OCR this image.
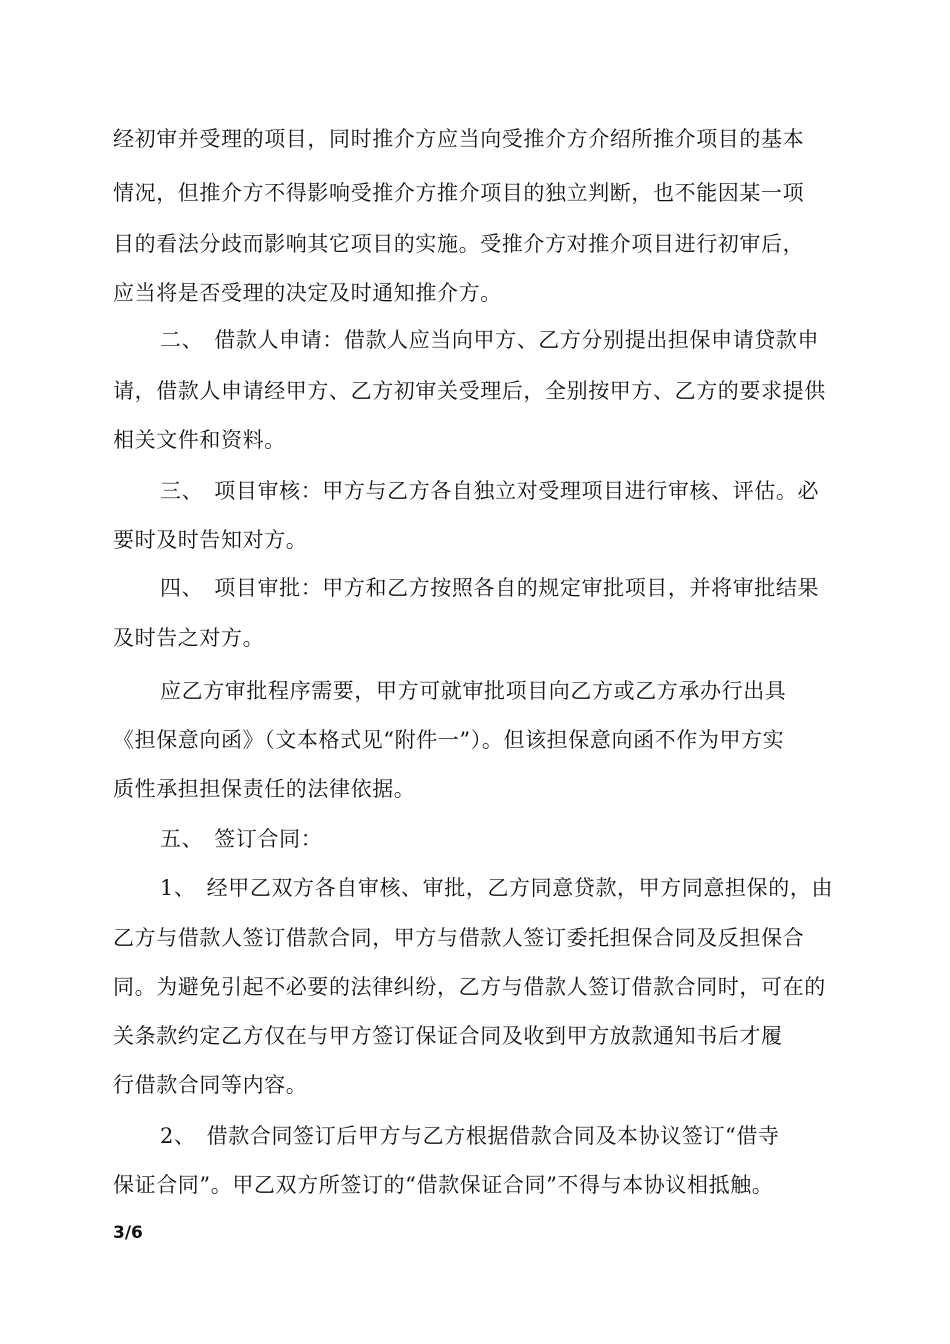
经初审并受理的项目，同时推介方应当向受推介方介绍所推介项目的基本
情况，但推介方不得影响受推介方推介项目的独立判断，也不能因某一项
目的看法分歧而影响其它项目的实施。受推介方对推介项目进行初审后，
应当将是否受理的决定及时通知推介方。
二、　借款人申请：借款人应当向甲方、乙方分别提出担保申请贷款申
请，借款人申请经甲方、乙方初审关受理后，全别按甲方、乙方的要求提供
相关文件和资料。
三、　项目审核：甲方与乙方各自独立对受理项目进行审核、评估。必
要时及时告知对方。
四、　项目审批：甲方和乙方按照各自的规定审批项目，并将审批结果
及时告之对方。
应乙方审批程序需要，甲方可就审批项目向乙方或乙方承办行出具
《担保意向函》（文本格式见“附件一”）。但该担保意向函不作为甲方实
质性承担担保责任的法律依据。
五、　签订合同：
1、　经甲乙双方各自审核、审批，乙方同意贷款，甲方同意担保的，由
乙方与借款人签订借款合同，甲方与借款人签订委托担保合同及反担保合
同。为避免引起不必要的法律纠纷，乙方与借款人签订借款合同时，可在的
关条款约定乙方仅在与甲方签订保证合同及收到甲方放款通知书后才履
行借款合同等内容。
2、　借款合同签订后甲方与乙方根据借款合同及本协议签订“借寺
保证合同”。甲乙双方所签订的“借款保证合同”不得与本协议相抵触。
3/6
